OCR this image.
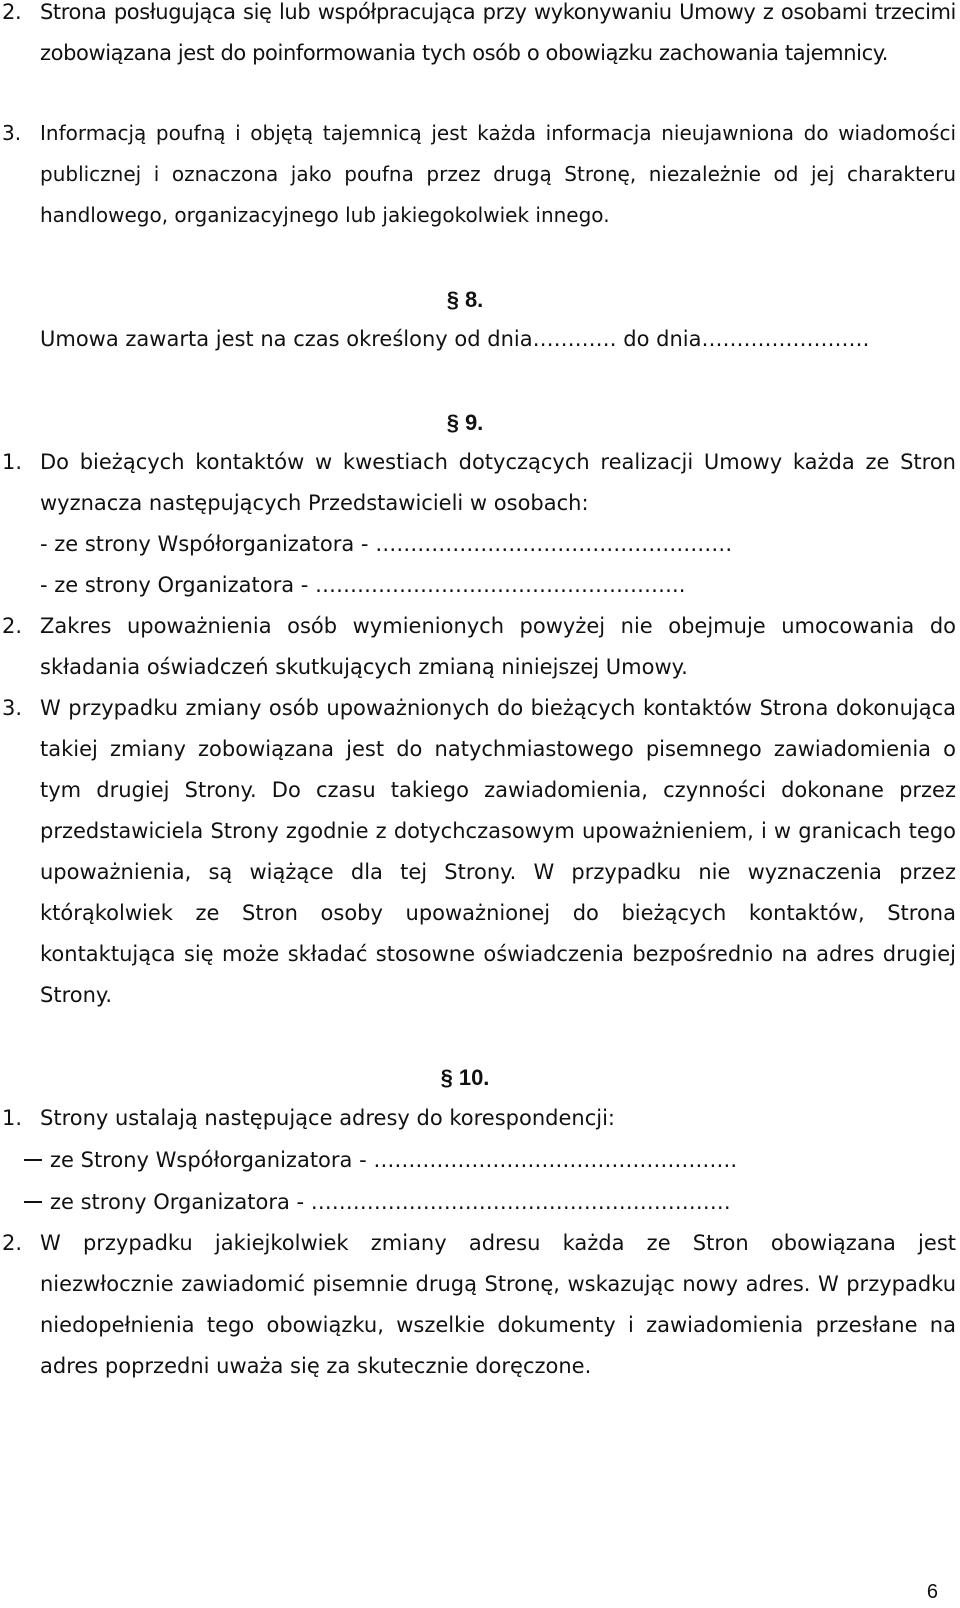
2. Strona posługująca się lub współpracująca przy wykonywaniu Umowy z osobami trzecimi zobowiązana jest do poinformowania tych osób o obowiązku zachowania tajemnicy.
3. Informacją poufną i objętą tajemnicą jest każda informacja nieujawniona do wiadomości publicznej i oznaczona jako poufna przez drugą Stronę, niezależnie od jej charakteru handlowego, organizacyjnego lub jakiegokolwiek innego.
§ 8.
Umowa zawarta jest na czas określony od dnia………… do dnia……………………
§ 9.
1. Do bieżących kontaktów w kwestiach dotyczących realizacji Umowy każda ze Stron wyznacza następujących Przedstawicieli w osobach:
- ze strony Współorganizatora - ……………………………………………
- ze strony Organizatora - ……………………………………………..
2. Zakres upoważnienia osób wymienionych powyżej nie obejmuje umocowania do składania oświadczeń skutkujących zmianą niniejszej Umowy.
3. W przypadku zmiany osób upoważnionych do bieżących kontaktów Strona dokonująca takiej zmiany zobowiązana jest do natychmiastowego pisemnego zawiadomienia o tym drugiej Strony. Do czasu takiego zawiadomienia, czynności dokonane przez przedstawiciela Strony zgodnie z dotychczasowym upoważnieniem, i w granicach tego upoważnienia, są wiążące dla tej Strony. W przypadku nie wyznaczenia przez którąkolwiek ze Stron osoby upoważnionej do bieżących kontaktów, Strona kontaktująca się może składać stosowne oświadczenia bezpośrednio na adres drugiej Strony.
§ 10.
1. Strony ustalają następujące adresy do korespondencji:
ze Strony Współorganizatora - …………………………………………….
ze strony Organizatora - ……………………………………………………
2. W przypadku jakiejkolwiek zmiany adresu każda ze Stron obowiązana jest niezwłocznie zawiadomić pisemnie drugą Stronę, wskazując nowy adres. W przypadku niedopełnienia tego obowiązku, wszelkie dokumenty i zawiadomienia przesłane na adres poprzedni uważa się za skutecznie doręczone.
6
